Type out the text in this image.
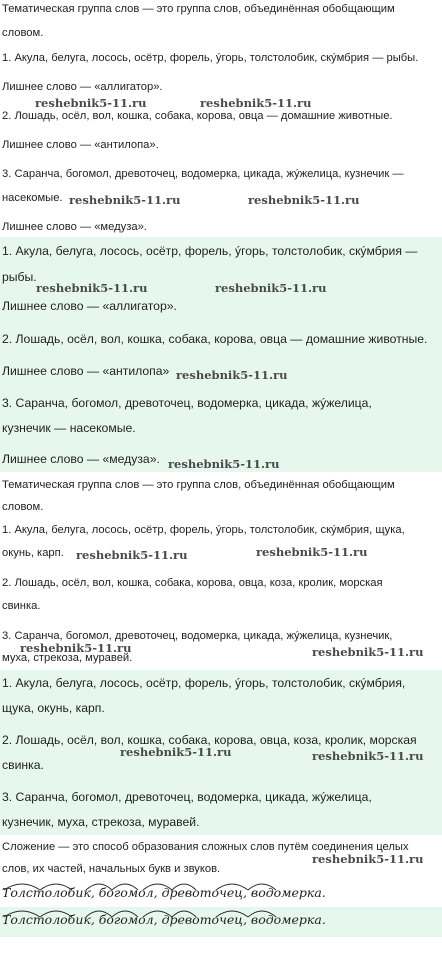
Тематическая группа слов — это группа слов, объединённая обобщающим
словом.
1. Акула, белуга, лосось, осётр, форель, ýгорь, толстолобик, скýмбрия — рыбы.
Лишнее слово — «аллигатор».
2. Лошадь, осёл, вол, кошка, собака, корова, овца — домашние животные.
Лишнее слово — «антилопа».
3. Саранча, богомол, древоточец, водомерка, цикада, жýжелица, кузнечик —
насекомые.
Лишнее слово — «медуза».
1. Акула, белуга, лосось, осётр, форель, ýгорь, толстолобик, скýмбрия —
рыбы.
Лишнее слово — «аллигатор».
2. Лошадь, осёл, вол, кошка, собака, корова, овца — домашние животные.
Лишнее слово — «антилопа»
3. Саранча, богомол, древоточец, водомерка, цикада, жýжелица,
кузнечик — насекомые.
Лишнее слово — «медуза».
Тематическая группа слов — это группа слов, объединённая обобщающим
словом.
1. Акула, белуга, лосось, осётр, форель, ýгорь, толстолобик, скýмбрия, щука,
окунь, карп.
2. Лошадь, осёл, вол, кошка, собака, корова, овца, коза, кролик, морская
свинка.
3. Саранча, богомол, древоточец, водомерка, цикада, жýжелица, кузнечик,
муха, стрекоза, муравей.
1. Акула, белуга, лосось, осётр, форель, ýгорь, толстолобик, скýмбрия,
щука, окунь, карп.
2. Лошадь, осёл, вол, кошка, собака, корова, овца, коза, кролик, морская
свинка.
3. Саранча, богомол, древоточец, водомерка, цикада, жýжелица,
кузнечик, муха, стрекоза, муравей.
Сложение — это способ образования сложных слов путём соединения целых
слов, их частей, начальных букв и звуков.
Толстолобик, богомол, древоточец, водомерка.
Толстолобик, богомол, древоточец, водомерка.
reshebnik5-11.ru	reshebnik5-11.ru
reshebnik5-11.ru	reshebnik5-11.ru
reshebnik5-11.ru	reshebnik5-11.ru
reshebnik5-11.ru
reshebnik5-11.ru
reshebnik5-11.ru	reshebnik5-11.ru
reshebnik5-11.ru	reshebnik5-11.ru
reshebnik5-11.ru	reshebnik5-11.ru
reshebnik5-11.ru
